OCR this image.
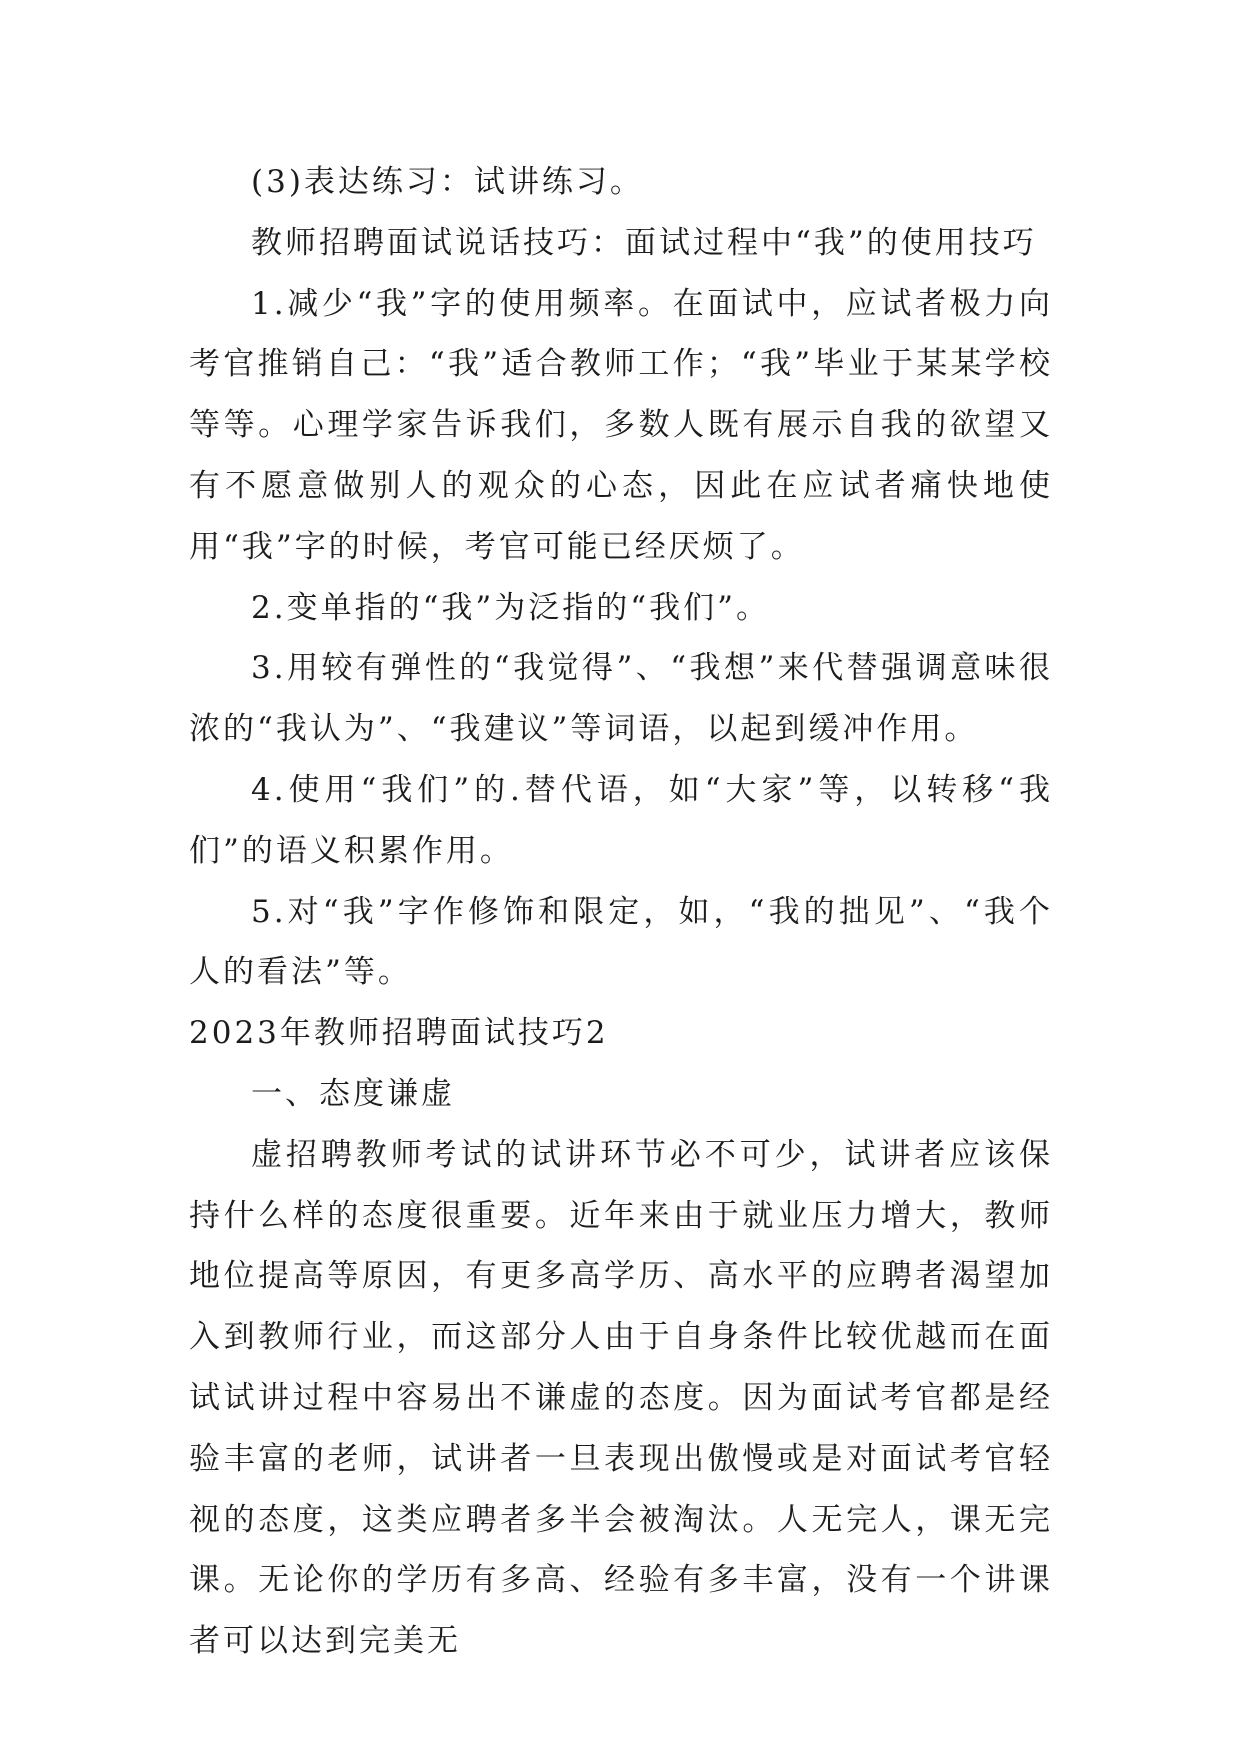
(3)表达练习：试讲练习。

教师招聘面试说话技巧：面试过程中“我”的使用技巧

1.减少“我”字的使用频率。在面试中，应试者极力向考官推销自己：“我”适合教师工作；“我”毕业于某某学校等等。心理学家告诉我们，多数人既有展示自我的欲望又有不愿意做别人的观众的心态，因此在应试者痛快地使用“我”字的时候，考官可能已经厌烦了。

2.变单指的“我”为泛指的“我们”。

3.用较有弹性的“我觉得”、“我想”来代替强调意味很浓的“我认为”、“我建议”等词语，以起到缓冲作用。

4.使用“我们”的.替代语，如“大家”等，以转移“我们”的语义积累作用。

5.对“我”字作修饰和限定，如，“我的拙见”、“我个人的看法”等。

2023年教师招聘面试技巧2

一、态度谦虚

虚招聘教师考试的试讲环节必不可少，试讲者应该保持什么样的态度很重要。近年来由于就业压力增大，教师地位提高等原因，有更多高学历、高水平的应聘者渴望加入到教师行业，而这部分人由于自身条件比较优越而在面试试讲过程中容易出不谦虚的态度。因为面试考官都是经验丰富的老师，试讲者一旦表现出傲慢或是对面试考官轻视的态度，这类应聘者多半会被淘汰。人无完人，课无完课。无论你的学历有多高、经验有多丰富，没有一个讲课者可以达到完美无
